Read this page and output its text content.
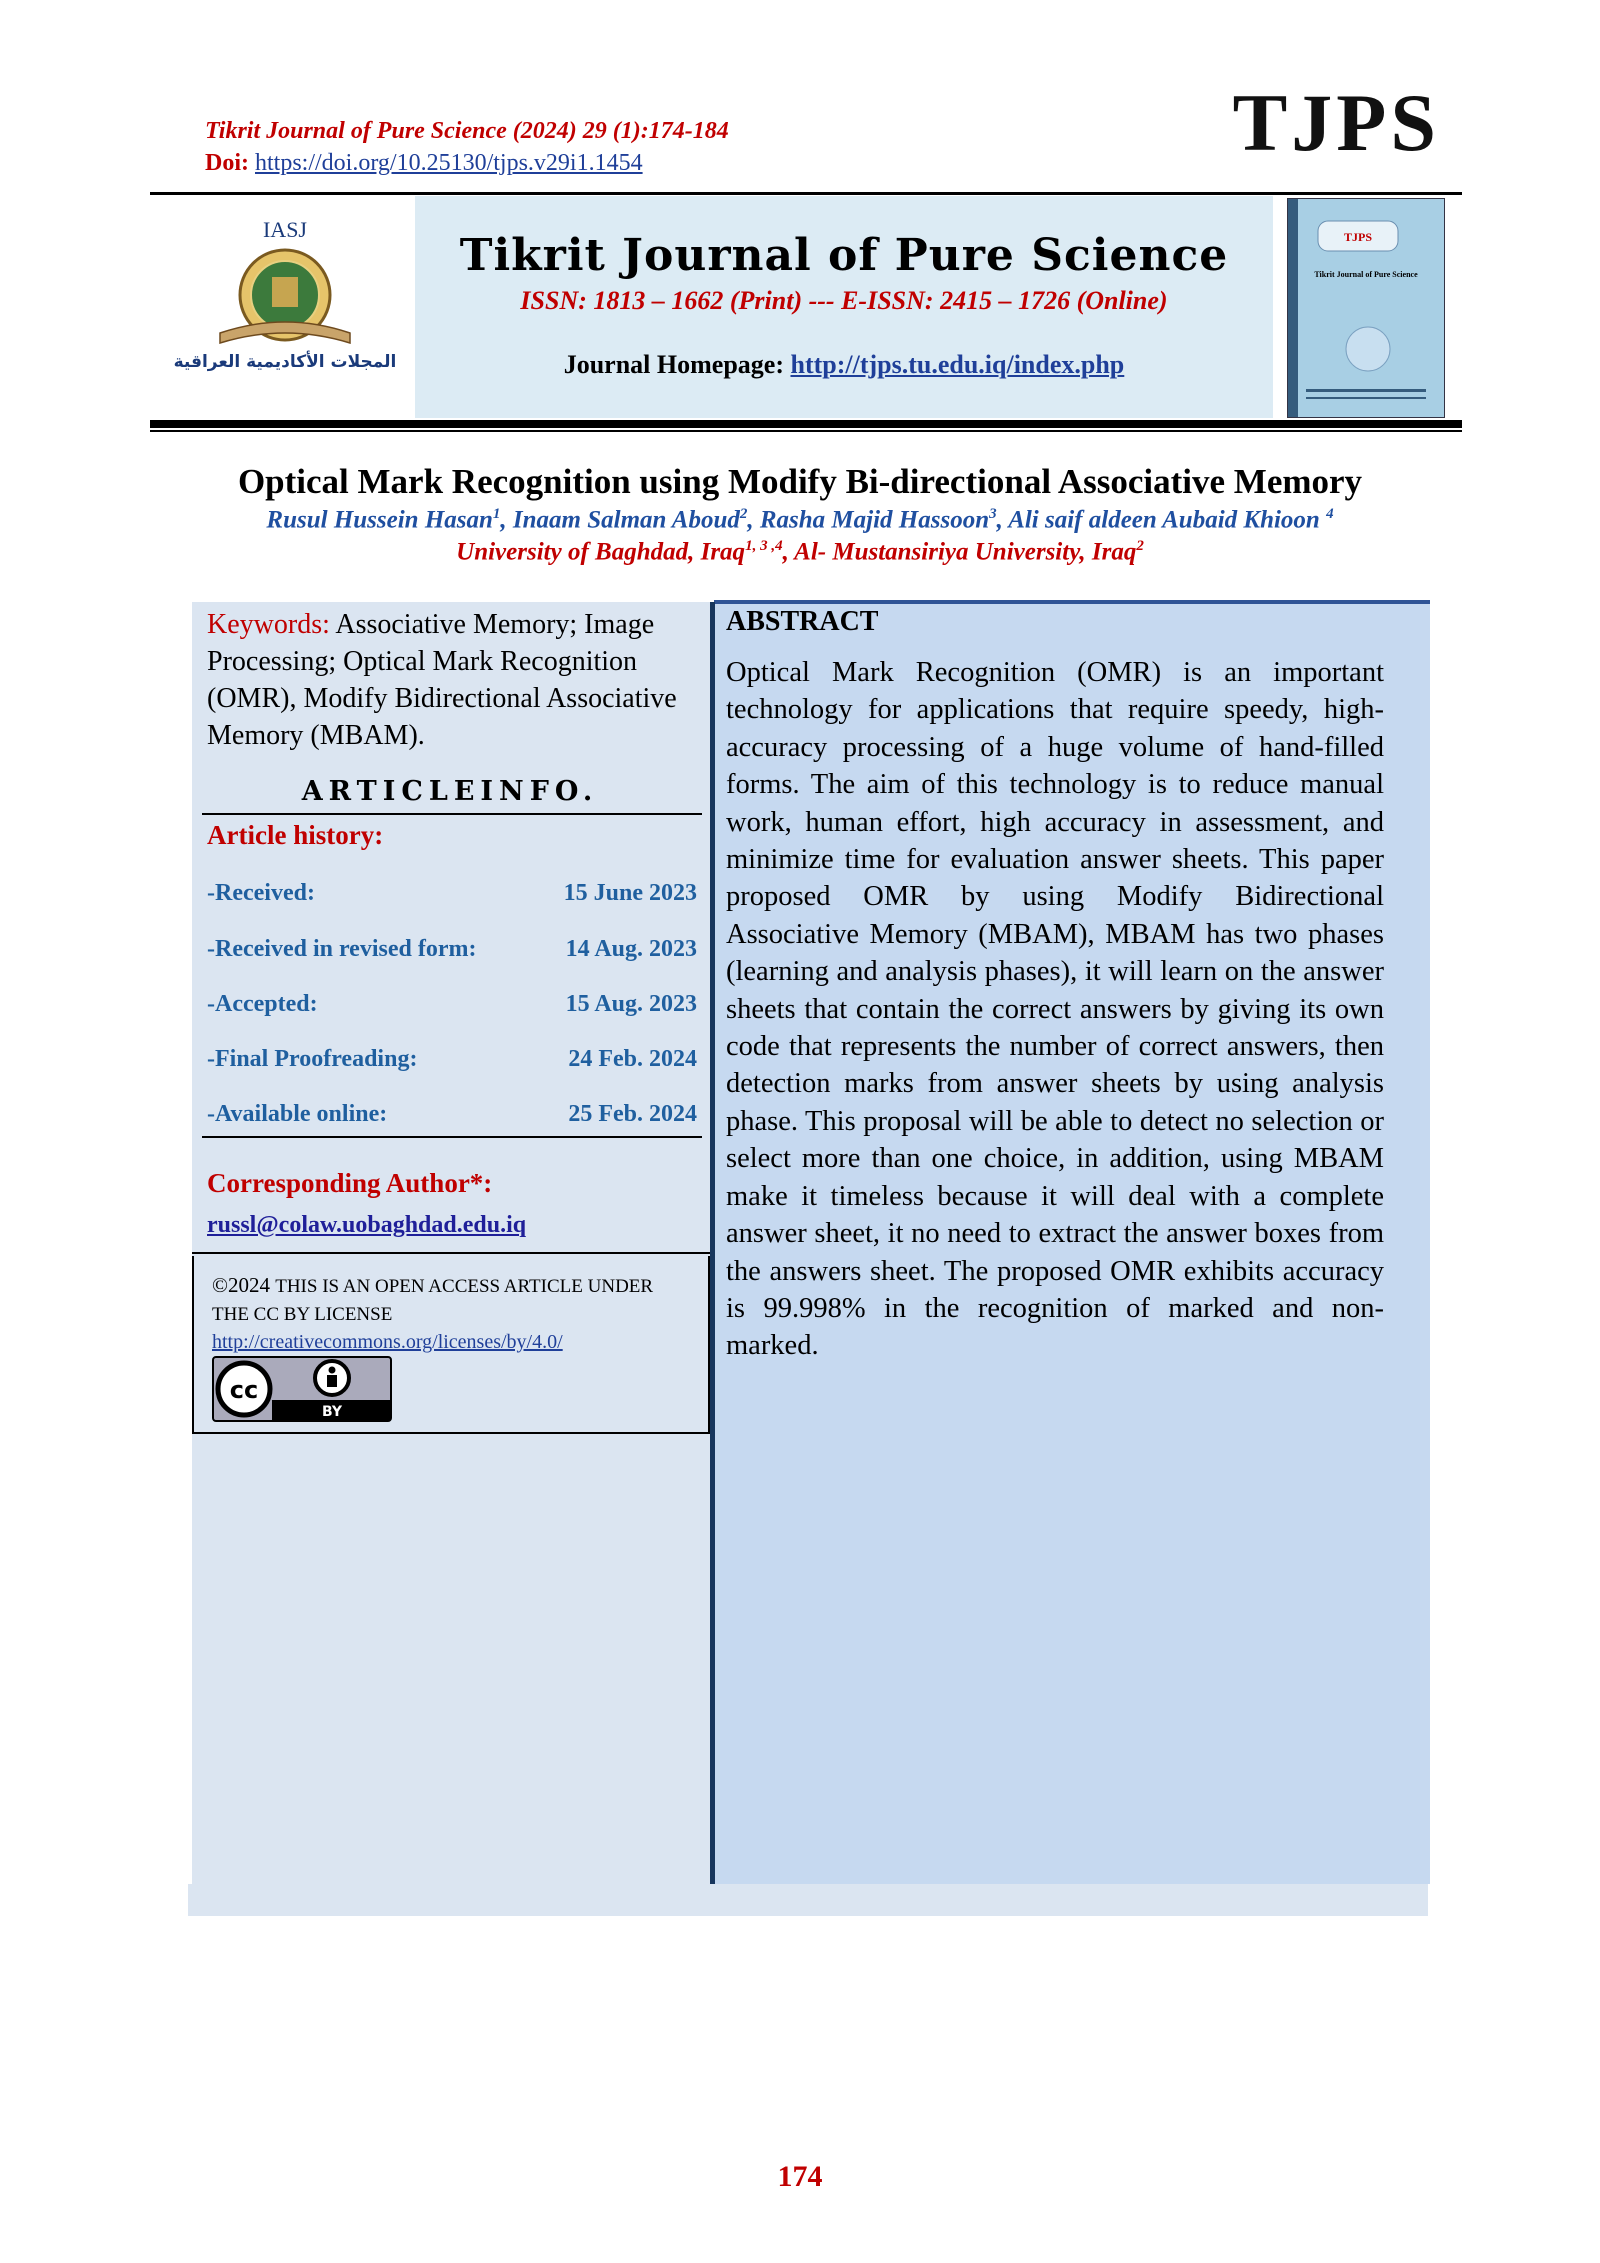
Tikrit Journal of Pure Science (2024) 29 (1):174-184
Doi: https://doi.org/10.25130/tjps.v29i1.1454	TJPS
IASJ
المجلات الأكاديمية العراقية
Tikrit Journal of Pure Science
ISSN: 1813 – 1662 (Print) --- E-ISSN: 2415 – 1726 (Online)
Journal Homepage: http://tjps.tu.edu.iq/index.php
TJPS
Tikrit Journal of Pure Science
Optical Mark Recognition using Modify Bi-directional Associative Memory
Rusul Hussein Hasan$^1$, Inaam Salman Aboud$^2$, Rasha Majid Hassoon$^3$, Ali saif aldeen Aubaid Khioon $^4$
University of Baghdad, Iraq$^{1, 3 ,4}$, Al- Mustansiriya University, Iraq$^2$
Keywords: Associative Memory; Image Processing; Optical Mark Recognition (OMR), Modify Bidirectional Associative Memory (MBAM).
ARTICLEINFO.
Article history:
-Received:	15 June 2023
-Received in revised form:	14 Aug. 2023
-Accepted:	15 Aug. 2023
-Final Proofreading:	24 Feb. 2024
-Available online:	25 Feb. 2024
Corresponding Author*:
russl@colaw.uobaghdad.edu.iq
©2024 THIS IS AN OPEN ACCESS ARTICLE UNDER THE CC BY LICENSE
http://creativecommons.org/licenses/by/4.0/
cc
BY
ABSTRACT
Optical Mark Recognition (OMR) is an important technology for applications that require speedy, high-accuracy processing of a huge volume of hand-filled forms. The aim of this technology is to reduce manual work, human effort, high accuracy in assessment, and minimize time for evaluation answer sheets. This paper proposed OMR by using Modify Bidirectional Associative Memory (MBAM), MBAM has two phases (learning and analysis phases), it will learn on the answer sheets that contain the correct answers by giving its own code that represents the number of correct answers, then detection marks from answer sheets by using analysis phase. This proposal will be able to detect no selection or select more than one choice, in addition, using MBAM make it timeless because it will deal with a complete answer sheet, it no need to extract the answer boxes from the answers sheet. The proposed OMR exhibits accuracy is 99.998% in the recognition of marked and non-marked.
174
